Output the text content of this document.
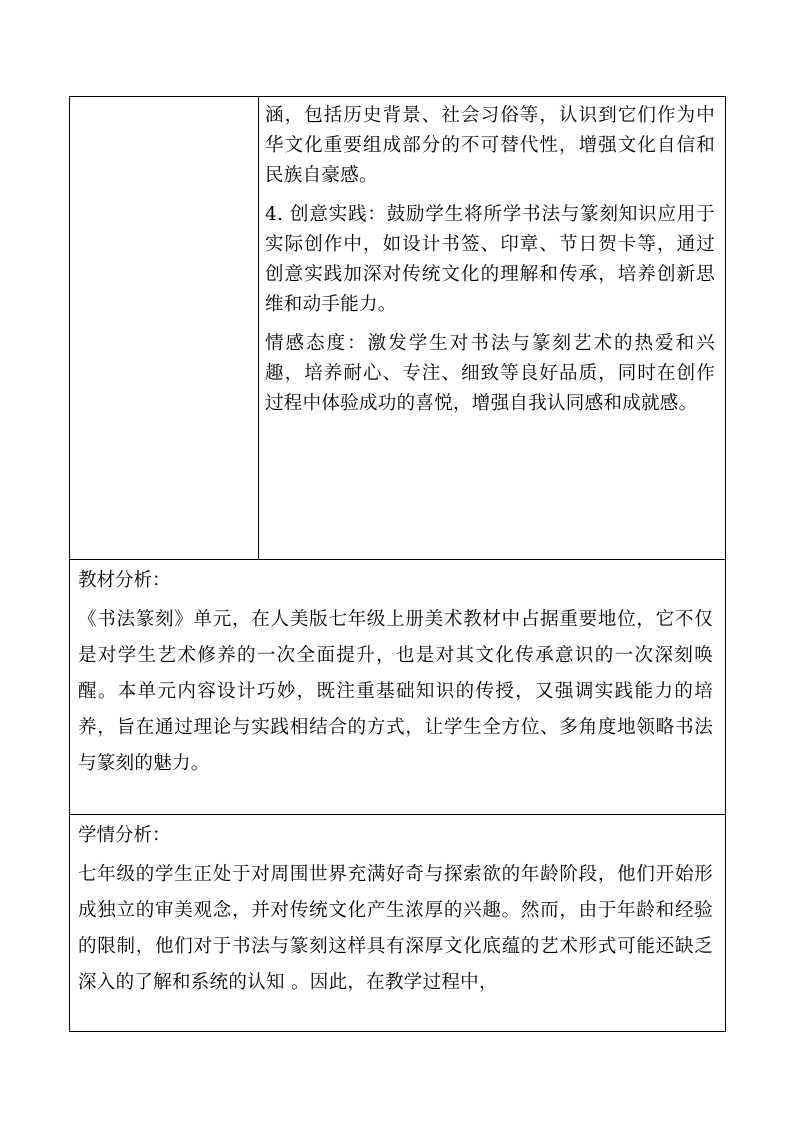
涵，包括历史背景、社会习俗等，认识到它们作为中华文化重要组成部分的不可替代性，增强文化自信和民族自豪感。

4. 创意实践：鼓励学生将所学书法与篆刻知识应用于实际创作中，如设计书签、印章、节日贺卡等，通过创意实践加深对传统文化的理解和传承，培养创新思维和动手能力。

情感态度：激发学生对书法与篆刻艺术的热爱和兴趣，培养耐心、专注、细致等良好品质，同时在创作过程中体验成功的喜悦，增强自我认同感和成就感。

教材分析：

《书法篆刻》单元，在人美版七年级上册美术教材中占据重要地位，它不仅是对学生艺术修养的一次全面提升，也是对其文化传承意识的一次深刻唤醒。本单元内容设计巧妙，既注重基础知识的传授，又强调实践能力的培养，旨在通过理论与实践相结合的方式，让学生全方位、多角度地领略书法与篆刻的魅力。

学情分析：

七年级的学生正处于对周围世界充满好奇与探索欲的年龄阶段，他们开始形成独立的审美观念，并对传统文化产生浓厚的兴趣。然而，由于年龄和经验的限制，他们对于书法与篆刻这样具有深厚文化底蕴的艺术形式可能还缺乏深入的了解和系统的认知 。因此，在教学过程中，
